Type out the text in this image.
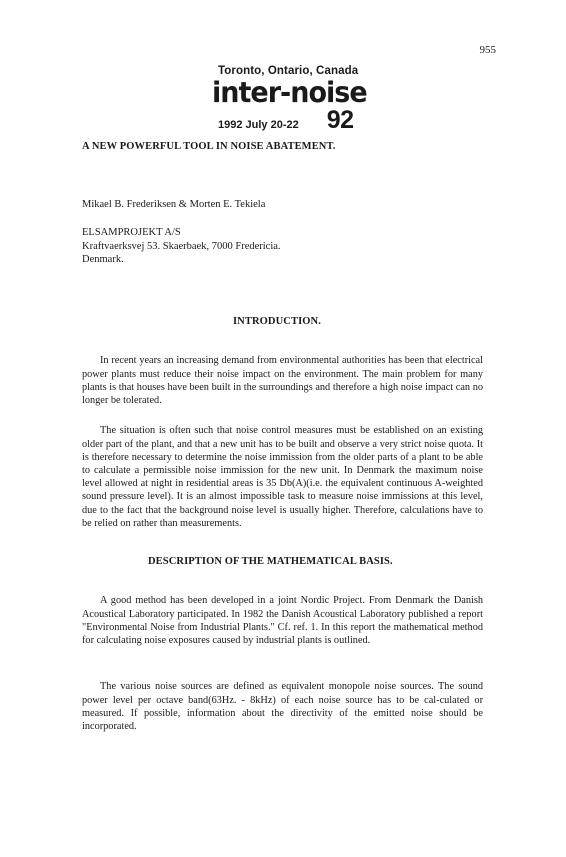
955
Toronto, Ontario, Canada
inter-noise
1992 July 20-22 92
A NEW POWERFUL TOOL IN NOISE ABATEMENT.
Mikael B. Frederiksen & Morten E. Tekiela
ELSAMPROJEKT A/S
Kraftvaerksvej 53. Skaerbaek, 7000 Fredericia.
Denmark.
INTRODUCTION.

In recent years an increasing demand from environmental authorities has been that electrical power plants must reduce their noise impact on the environment. The main problem for many plants is that houses have been built in the surroundings and therefore a high noise impact can no longer be tolerated.

The situation is often such that noise control measures must be established on an existing older part of the plant, and that a new unit has to be built and observe a very strict noise quota. It is therefore necessary to determine the noise immission from the older parts of a plant to be able to calculate a permissible noise immission for the new unit. In Denmark the maximum noise level allowed at night in residential areas is 35 Db(A)(i.e. the equivalent continuous A-weighted sound pressure level). It is an almost impossible task to measure noise immissions at this level, due to the fact that the background noise level is usually higher. Therefore, calculations have to be relied on rather than measurements.

DESCRIPTION OF THE MATHEMATICAL BASIS.

A good method has been developed in a joint Nordic Project. From Denmark the Danish Acoustical Laboratory participated. In 1982 the Danish Acoustical Laboratory published a report "Environmental Noise from Industrial Plants." Cf. ref. 1. In this report the mathematical method for calculating noise exposures caused by industrial plants is outlined.

The various noise sources are defined as equivalent monopole noise sources. The sound power level per octave band(63Hz. - 8kHz) of each noise source has to be cal-culated or measured. If possible, information about the directivity of the emitted noise should be incorporated.
